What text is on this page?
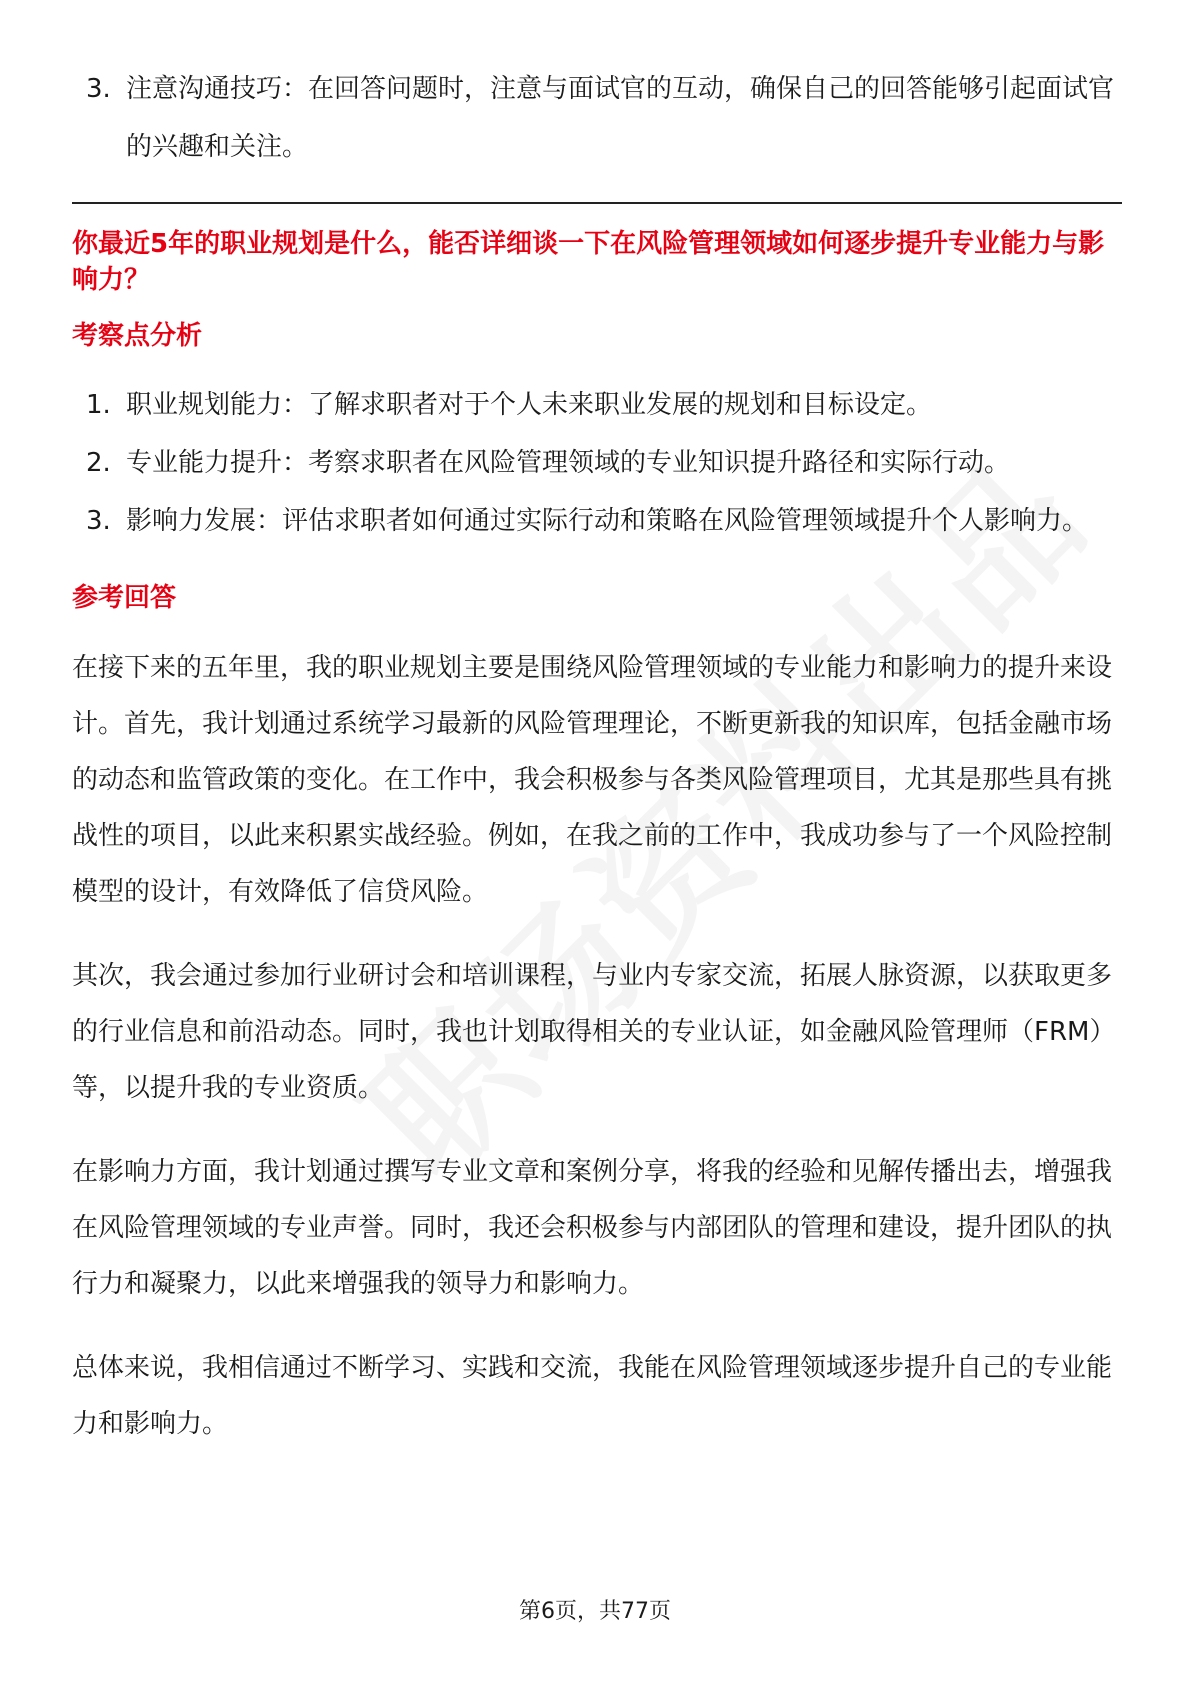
3. 注意沟通技巧：在回答问题时，注意与面试官的互动，确保自己的回答能够引起面试官的兴趣和关注。
你最近5年的职业规划是什么，能否详细谈一下在风险管理领域如何逐步提升专业能力与影响力？
考察点分析
1. 职业规划能力：了解求职者对于个人未来职业发展的规划和目标设定。
2. 专业能力提升：考察求职者在风险管理领域的专业知识提升路径和实际行动。
3. 影响力发展：评估求职者如何通过实际行动和策略在风险管理领域提升个人影响力。
参考回答

在接下来的五年里，我的职业规划主要是围绕风险管理领域的专业能力和影响力的提升来设计。首先，我计划通过系统学习最新的风险管理理论，不断更新我的知识库，包括金融市场的动态和监管政策的变化。在工作中，我会积极参与各类风险管理项目，尤其是那些具有挑战性的项目，以此来积累实战经验。例如，在我之前的工作中，我成功参与了一个风险控制模型的设计，有效降低了信贷风险。

其次，我会通过参加行业研讨会和培训课程，与业内专家交流，拓展人脉资源，以获取更多的行业信息和前沿动态。同时，我也计划取得相关的专业认证，如金融风险管理师（FRM）等，以提升我的专业资质。

在影响力方面，我计划通过撰写专业文章和案例分享，将我的经验和见解传播出去，增强我在风险管理领域的专业声誉。同时，我还会积极参与内部团队的管理和建设，提升团队的执行力和凝聚力，以此来增强我的领导力和影响力。

总体来说，我相信通过不断学习、实践和交流，我能在风险管理领域逐步提升自己的专业能力和影响力。

第6页，共77页
